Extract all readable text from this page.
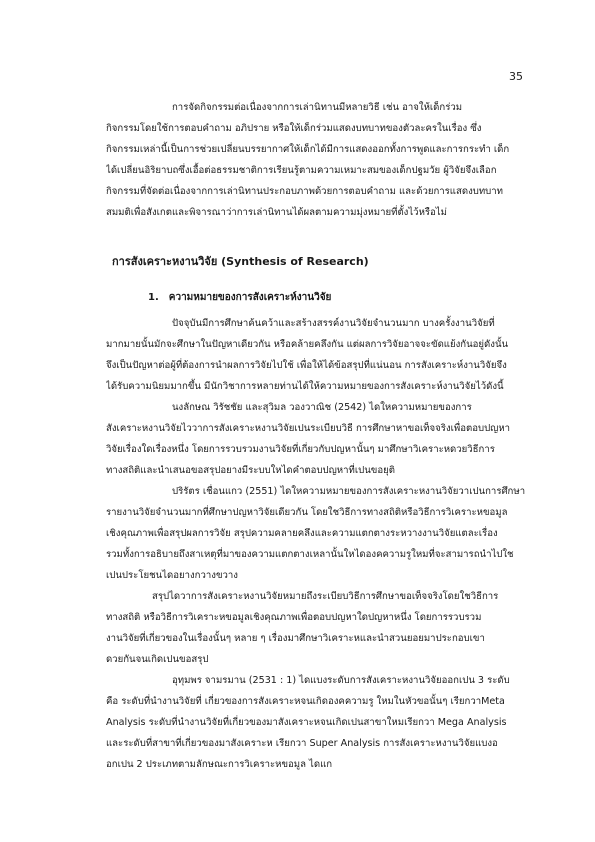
35
การจัดกิจกรรมต่อเนื่องจากการเล่านิทานมีหลายวิธี เช่น อาจให้เด็กร่วม
กิจกรรมโดยใช้การตอบคำถาม อภิปราย หรือให้เด็กร่วมแสดงบทบาทของตัวละครในเรื่อง ซึ่ง
กิจกรรมเหล่านี้เป็นการช่วยเปลี่ยนบรรยากาศให้เด็กได้มีการแสดงออกทั้งการพูดและการกระทำ เด็ก
ได้เปลี่ยนอิริยาบถซึ่งเอื้อต่อธรรมชาติการเรียนรู้ตามความเหมาะสมของเด็กปฐมวัย ผู้วิจัยจึงเลือก
กิจกรรมที่จัดต่อเนื่องจากการเล่านิทานประกอบภาพด้วยการตอบคำถาม และด้วยการแสดงบทบาท
สมมติเพื่อสังเกตและพิจารณาว่าการเล่านิทานได้ผลตามความมุ่งหมายที่ตั้งไว้หรือไม่
การสังเคราะหงานวิจัย (Synthesis of Research)
1. ความหมายของการสังเคราะห์งานวิจัย
ปัจจุบันมีการศึกษาค้นคว้าและสร้างสรรค์งานวิจัยจำนวนมาก บางครั้งงานวิจัยที่
มากมายนั้นมักจะศึกษาในปัญหาเดียวกัน หรือคล้ายคลึงกัน แต่ผลการวิจัยอาจจะขัดแย้งกันอยู่ดังนั้น
จึงเป็นปัญหาต่อผู้ที่ต้องการนำผลการวิจัยไปใช้ เพื่อให้ได้ข้อสรุปที่แน่นอน การสังเคราะห์งานวิจัยจึง
ได้รับความนิยมมากขึ้น มีนักวิชาการหลายท่านได้ให้ความหมายของการสังเคราะห์งานวิจัยไว้ดังนี้
นงลักษณ วิรัชชัย และสุวิมล วองวาณิช (2542) ไดใหความหมายของการ
สังเคราะหงานวิจัยไววาการสังเคราะหงานวิจัยเปนระเบียบวิธี การศึกษาหาขอเท็จจริงเพื่อตอบปญหา
วิจัยเรื่องใดเรื่องหนึ่ง โดยการรวบรวมงานวิจัยที่เกี่ยวกับปญหานั้นๆ มาศึกษาวิเคราะหดวยวิธีการ
ทางสถิติและนําเสนอขอสรุปอยางมีระบบใหไดคําตอบปญหาที่เปนขอยุติ
ปริรัตร เชื่อนแกว (2551) ไดใหความหมายของการสังเคราะหงานวิจัยวาเปนการศึกษา
รายงานวิจัยจํานวนมากที่ศึกษาปญหาวิจัยเดียวกัน โดยใชวิธีการทางสถิติหรือวิธีการวิเคราะหขอมูล
เชิงคุณภาพเพื่อสรุปผลการวิจัย สรุปความคลายคลึงและความแตกตางระหวางงานวิจัยแตละเรื่อง
รวมทั้งการอธิบายถึงสาเหตุที่มาของความแตกตางเหลานั้นใหไดองคความรูใหมที่จะสามารถนําไปใช
เปนประโยชนไดอยางกวางขวาง
สรุปไดวาการสังเคราะหงานวิจัยหมายถึงระเบียบวิธีการศึกษาขอเท็จจริงโดยใชวิธีการ
ทางสถิติ หรือวิธีการวิเคราะหขอมูลเชิงคุณภาพเพื่อตอบปญหาใดปญหาหนึ่ง โดยการรวบรวม
งานวิจัยที่เกี่ยวของในเรื่องนั้นๆ หลาย ๆ เรื่องมาศึกษาวิเคราะหและนําสวนยอยมาประกอบเขา
ดวยกันจนเกิดเปนขอสรุป
อุทุมพร จามรมาน (2531 : 1) ไดแบงระดับการสังเคราะหงานวิจัยออกเปน 3 ระดับ
คือ ระดับที่นํางานวิจัยที่ เกี่ยวของการสังเคราะหจนเกิดองคความรู ใหมในหัวขอนั้นๆ เรียกวาMeta
Analysis ระดับที่นํางานวิจัยที่เกี่ยวของมาสังเคราะหจนเกิดเปนสาขาใหมเรียกวา Mega Analysis
และระดับที่สาขาที่เกี่ยวของมาสังเคราะห เรียกวา Super Analysis การสังเคราะหงานวิจัยแบงอ
อกเปน 2 ประเภทตามลักษณะการวิเคราะหขอมูล ไดแก
